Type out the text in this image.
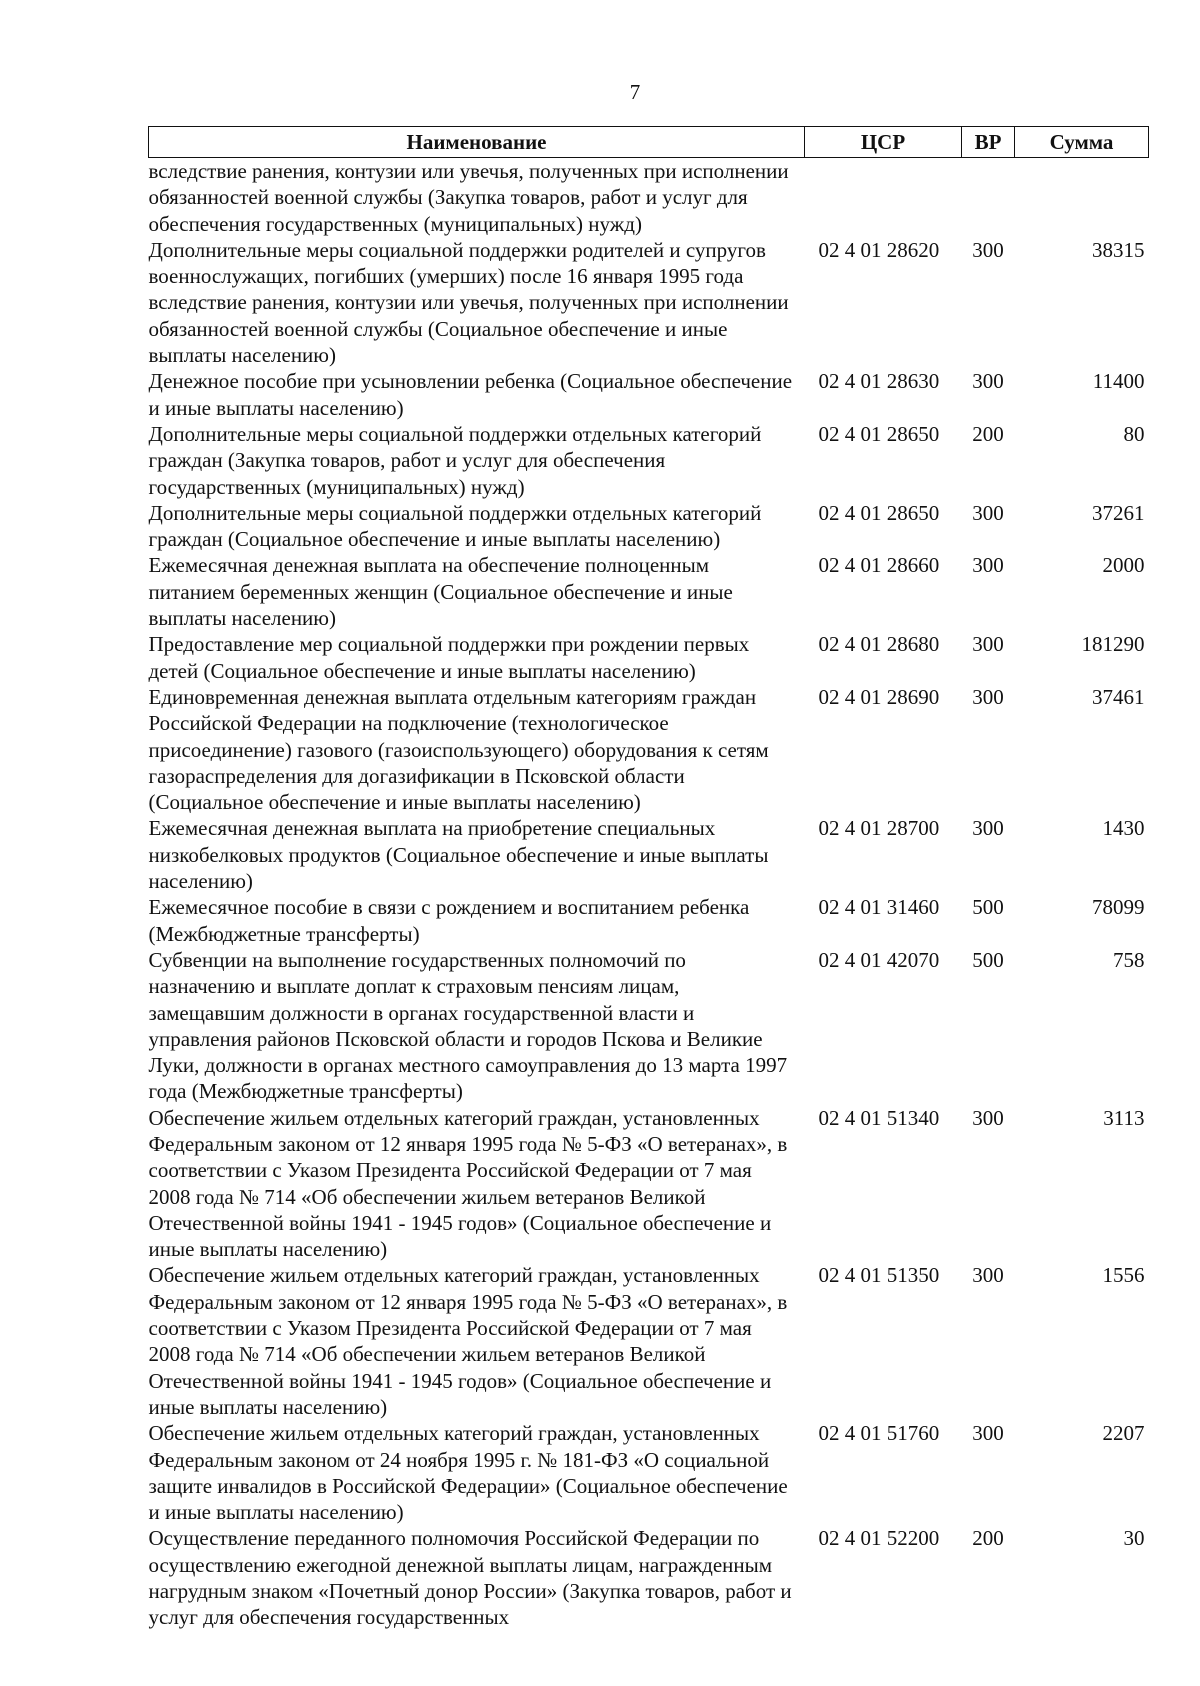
7
Наименование	ЦСР	ВР	Сумма
вследствие ранения, контузии или увечья, полученных при исполнении обязанностей военной службы (Закупка товаров, работ и услуг для обеспечения государственных (муниципальных) нужд)			
Дополнительные меры социальной поддержки родителей и супругов военнослужащих, погибших (умерших) после 16 января 1995 года вследствие ранения, контузии или увечья, полученных при исполнении обязанностей военной службы (Социальное обеспечение и иные выплаты населению)	02 4 01 28620	300	38315
Денежное пособие при усыновлении ребенка (Социальное обеспечение и иные выплаты населению)	02 4 01 28630	300	11400
Дополнительные меры социальной поддержки отдельных категорий граждан (Закупка товаров, работ и услуг для обеспечения государственных (муниципальных) нужд)	02 4 01 28650	200	80
Дополнительные меры социальной поддержки отдельных категорий граждан (Социальное обеспечение и иные выплаты населению)	02 4 01 28650	300	37261
Ежемесячная денежная выплата на обеспечение полноценным питанием беременных женщин (Социальное обеспечение и иные выплаты населению)	02 4 01 28660	300	2000
Предоставление мер социальной поддержки при рождении первых детей (Социальное обеспечение и иные выплаты населению)	02 4 01 28680	300	181290
Единовременная денежная выплата отдельным категориям граждан Российской Федерации на подключение (технологическое присоединение) газового (газоиспользующего) оборудования к сетям газораспределения для догазификации в Псковской области (Социальное обеспечение и иные выплаты населению)	02 4 01 28690	300	37461
Ежемесячная денежная выплата на приобретение специальных низкобелковых продуктов (Социальное обеспечение и иные выплаты населению)	02 4 01 28700	300	1430
Ежемесячное пособие в связи с рождением и воспитанием ребенка (Межбюджетные трансферты)	02 4 01 31460	500	78099
Субвенции на выполнение государственных полномочий по назначению и выплате доплат к страховым пенсиям лицам, замещавшим должности в органах государственной власти и управления районов Псковской области и городов Пскова и Великие Луки, должности в органах местного самоуправления до 13 марта 1997 года (Межбюджетные трансферты)	02 4 01 42070	500	758
Обеспечение жильем отдельных категорий граждан, установленных Федеральным законом от 12 января 1995 года № 5-ФЗ «О ветеранах», в соответствии с Указом Президента Российской Федерации от 7 мая 2008 года № 714 «Об обеспечении жильем ветеранов Великой Отечественной войны 1941 - 1945 годов» (Социальное обеспечение и иные выплаты населению)	02 4 01 51340	300	3113
Обеспечение жильем отдельных категорий граждан, установленных Федеральным законом от 12 января 1995 года № 5-ФЗ «О ветеранах», в соответствии с Указом Президента Российской Федерации от 7 мая 2008 года № 714 «Об обеспечении жильем ветеранов Великой Отечественной войны 1941 - 1945 годов» (Социальное обеспечение и иные выплаты населению)	02 4 01 51350	300	1556
Обеспечение жильем отдельных категорий граждан, установленных Федеральным законом от 24 ноября 1995 г. № 181-ФЗ «О социальной защите инвалидов в Российской Федерации» (Социальное обеспечение и иные выплаты населению)	02 4 01 51760	300	2207
Осуществление переданного полномочия Российской Федерации по осуществлению ежегодной денежной выплаты лицам, награжденным нагрудным знаком «Почетный донор России» (Закупка товаров, работ и услуг для обеспечения государственных	02 4 01 52200	200	30
